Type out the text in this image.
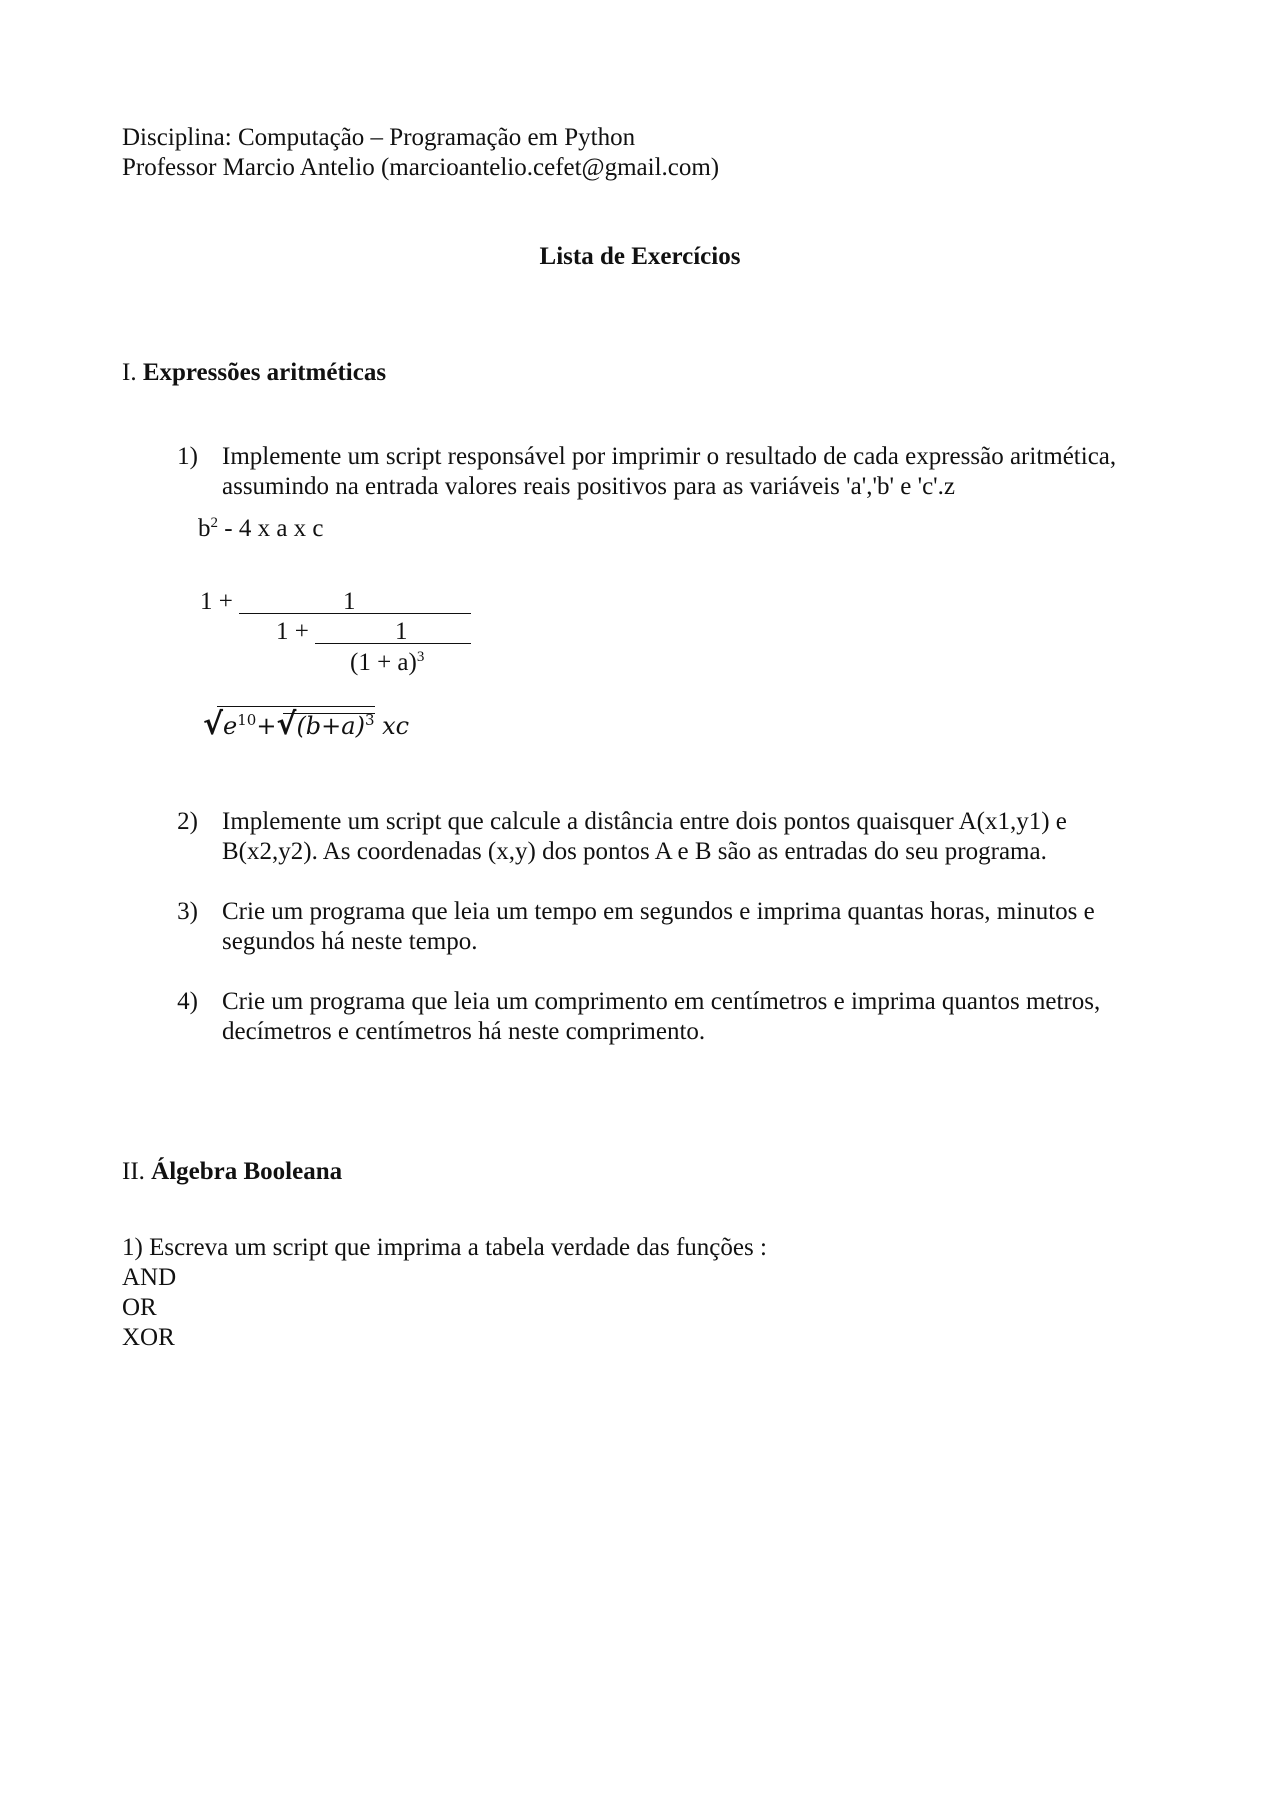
Disciplina: Computação – Programação em Python
Professor Marcio Antelio (marcioantelio.cefet@gmail.com)
Lista de Exercícios
I. Expressões aritméticas
1) Implemente um script responsável por imprimir o resultado de cada expressão aritmética,
assumindo na entrada valores reais positivos para as variáveis 'a','b' e 'c'.z
$b^2 - 4$ x a x c
1 +	1
1 +	1
$(1 + a)^3$
$√e^{10}+√(b+a)^3$ xc
2) Implemente um script que calcule a distância entre dois pontos quaisquer A(x1,y1) e
B(x2,y2). As coordenadas (x,y) dos pontos A e B são as entradas do seu programa.
3) Crie um programa que leia um tempo em segundos e imprima quantas horas, minutos e
segundos há neste tempo.
4) Crie um programa que leia um comprimento em centímetros e imprima quantos metros,
decímetros e centímetros há neste comprimento.
II. Álgebra Booleana
1) Escreva um script que imprima a tabela verdade das funções :
AND
OR
XOR
